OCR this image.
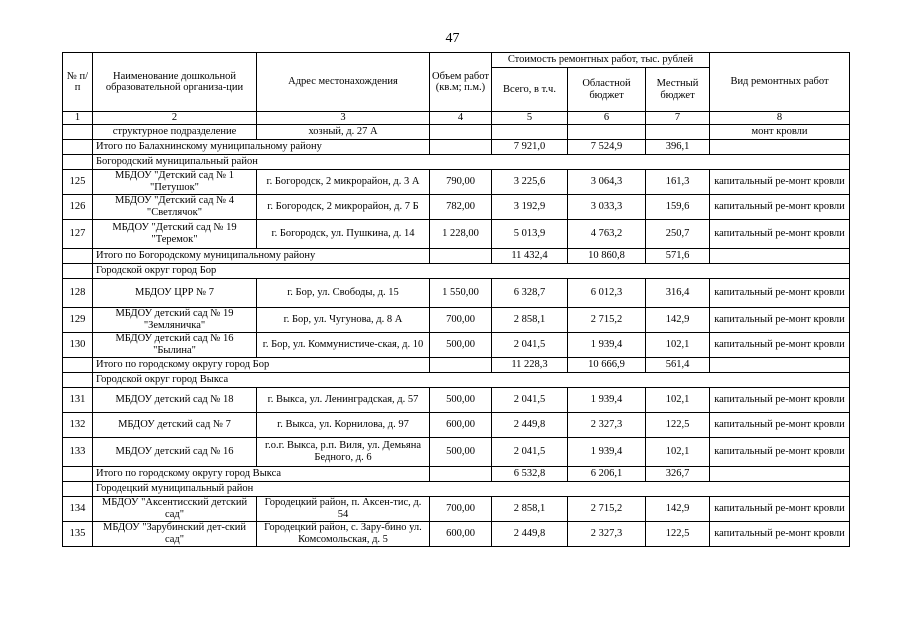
47
№ п/п	Наименование дошкольной образовательной организа-ции	Адрес местонахождения	Объем работ (кв.м; п.м.)	Стоимость ремонтных работ, тыс. рублей			Вид ремонтных работ
				Всего, в т.ч.	Областной бюджет	Местный бюджет	
1	2	3	4	5	6	7	8
	структурное подразделение	хозный, д. 27 А					монт кровли
	Итого по Балахнинскому муниципальному району			7 921,0	7 524,9	396,1	
	Богородский муниципальный район						
125	МБДОУ "Детский сад № 1 "Петушок"	г. Богородск, 2 микрорайон, д. 3 А	790,00	3 225,6	3 064,3	161,3	капитальный ре-монт кровли
126	МБДОУ "Детский сад № 4 "Светлячок"	г. Богородск, 2 микрорайон, д. 7 Б	782,00	3 192,9	3 033,3	159,6	капитальный ре-монт кровли
127	МБДОУ "Детский сад № 19 "Теремок"	г. Богородск, ул. Пушкина, д. 14	1 228,00	5 013,9	4 763,2	250,7	капитальный ре-монт кровли
	Итого по Богородскому муниципальному району			11 432,4	10 860,8	571,6	
	Городской округ город Бор						
128	МБДОУ ЦРР № 7	г. Бор, ул. Свободы, д. 15	1 550,00	6 328,7	6 012,3	316,4	капитальный ре-монт кровли
129	МБДОУ детский сад № 19 "Земляничка"	г. Бор, ул. Чугунова, д. 8 А	700,00	2 858,1	2 715,2	142,9	капитальный ре-монт кровли
130	МБДОУ детский сад № 16 "Былина"	г. Бор, ул. Коммунистиче-ская, д. 10	500,00	2 041,5	1 939,4	102,1	капитальный ре-монт кровли
	Итого по городскому округу город Бор			11 228,3	10 666,9	561,4	
	Городской округ город Выкса						
131	МБДОУ детский сад № 18	г. Выкса, ул. Ленинградская, д. 57	500,00	2 041,5	1 939,4	102,1	капитальный ре-монт кровли
132	МБДОУ детский сад № 7	г. Выкса, ул. Корнилова, д. 97	600,00	2 449,8	2 327,3	122,5	капитальный ре-монт кровли
133	МБДОУ детский сад № 16	г.о.г. Выкса, р.п. Виля, ул. Демьяна Бедного, д. 6	500,00	2 041,5	1 939,4	102,1	капитальный ре-монт кровли
	Итого по городскому округу город Выкса			6 532,8	6 206,1	326,7	
	Городецкий муниципальный район						
134	МБДОУ "Аксентисский детский сад"	Городецкий район, п. Аксен-тис, д. 54	700,00	2 858,1	2 715,2	142,9	капитальный ре-монт кровли
135	МБДОУ "Зарубинский дет-ский сад"	Городецкий район, с. Зару-бино ул. Комсомольская, д. 5	600,00	2 449,8	2 327,3	122,5	капитальный ре-монт кровли
